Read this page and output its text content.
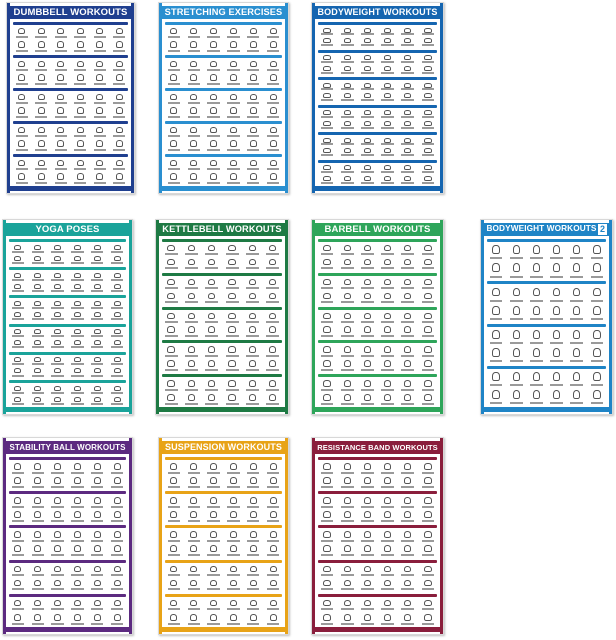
DUMBBELL WORKOUTS	STRETCHING EXERCISES	BODYWEIGHT WORKOUTS
YOGA POSES	KETTLEBELL WORKOUTS	BARBELL WORKOUTS	BODYWEIGHT WORKOUTS 2
STABILITY BALL WORKOUTS	SUSPENSION WORKOUTS	RESISTANCE BAND WORKOUTS
